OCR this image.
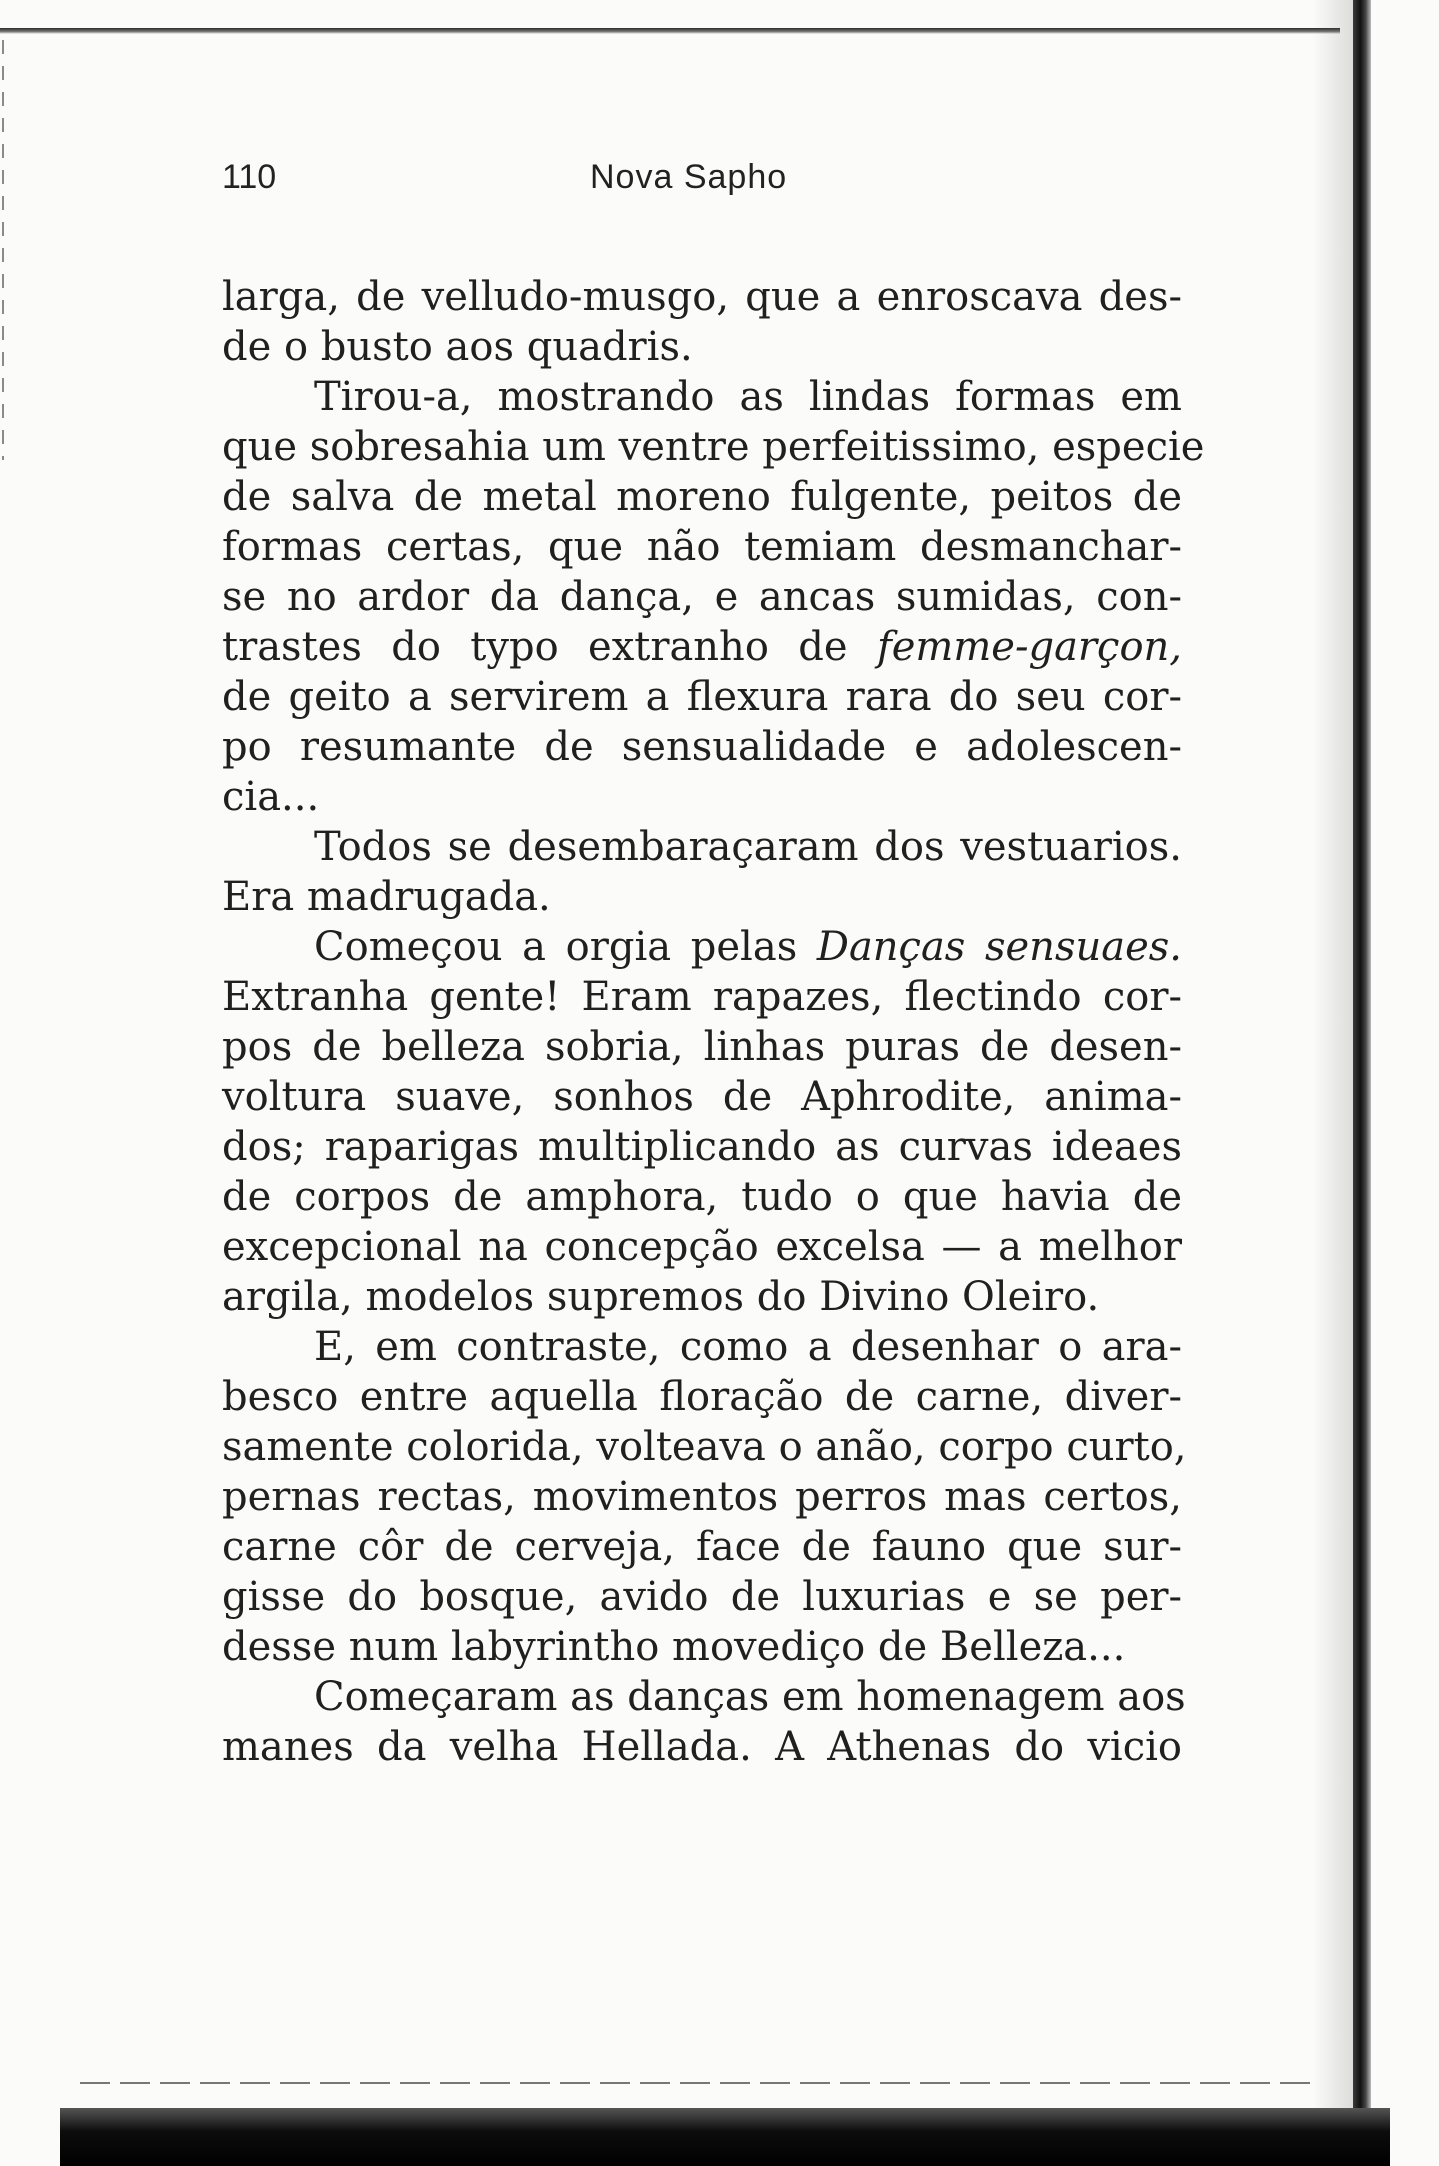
110	Nova Sapho
larga, de velludo-musgo, que a enroscava des-
de o busto aos quadris.
Tirou-a, mostrando as lindas formas em
que sobresahia um ventre perfeitissimo, especie
de salva de metal moreno fulgente, peitos de
formas certas, que não temiam desmanchar-
se no ardor da dança, e ancas sumidas, con-
trastes do typo extranho de femme-garçon,
de geito a servirem a flexura rara do seu cor-
po resumante de sensualidade e adolescen-
cia...
Todos se desembaraçaram dos vestuarios.
Era madrugada.
Começou a orgia pelas Danças sensuaes.
Extranha gente! Eram rapazes, flectindo cor-
pos de belleza sobria, linhas puras de desen-
voltura suave, sonhos de Aphrodite, anima-
dos; raparigas multiplicando as curvas ideaes
de corpos de amphora, tudo o que havia de
excepcional na concepção excelsa — a melhor
argila, modelos supremos do Divino Oleiro.
E, em contraste, como a desenhar o ara-
besco entre aquella floração de carne, diver-
samente colorida, volteava o anão, corpo curto,
pernas rectas, movimentos perros mas certos,
carne côr de cerveja, face de fauno que sur-
gisse do bosque, avido de luxurias e se per-
desse num labyrintho movediço de Belleza...
Começaram as danças em homenagem aos
manes da velha Hellada. A Athenas do vicio
